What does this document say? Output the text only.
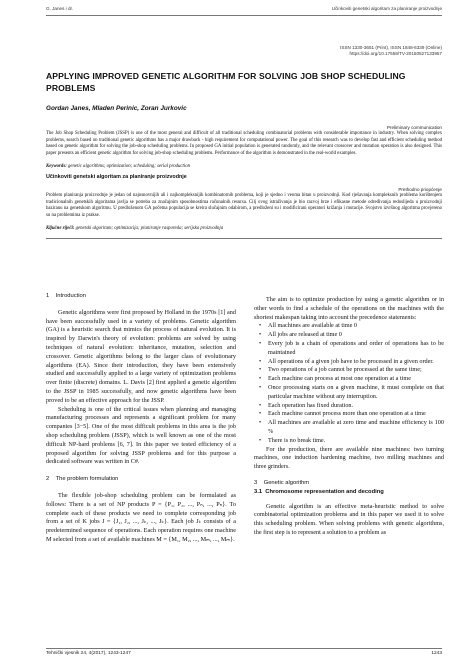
G. Janes i dr.	Učinkoviti genetski algoritam za planiranje proizvodnje
ISSN 1330-3651 (Print), ISSN 1848-6339 (Online)
https://doi.org/10.17559/TV-20150527133957
APPLYING IMPROVED GENETIC ALGORITHM FOR SOLVING JOB SHOP SCHEDULING
PROBLEMS
Gordan Janes, Mladen Perinic, Zoran Jurkovic
Preliminary communication
The Job Shop Scheduling Problem (JSSP) is one of the most general and difficult of all traditional scheduling combinatorial problems with considerable importance in industry. When solving complex problems, search based on traditional genetic algorithms has a major drawback - high requirement for computational power. The goal of this research was to develop fast and efficient scheduling method based on genetic algorithm for solving the job-shop scheduling problems. In proposed GA initial population is generated randomly, and the relevant crossover and mutation operation is also designed. This paper presents an efficient genetic algorithm for solving job-shop scheduling problems. Performance of the algorithm is demonstrated in the real-world examples.
Keywords: genetic algorithms; optimization; scheduling; serial production
Učinkoviti genetski algoritam za planiranje proizvodnje
Prethodno priopćenje
Problem planiranja proizvodnje je jedan od najosnovnijih ali i najkompleksnijih kombinatornih problema, koji je sjedno i veoma bitan u proizvodnji. Kod rješavanja kompleksnih problema korištenjem tradicionalnih genetskih algoritama javlja se potreba za značajnim sposobnostima računalnih resursa. Cilj ovog istraživanja je bio razvoj brze i efikasne metode određivanja redoslijeda u proizvodnji baziranu na genetskom algoritmu. U predloženom GA početna populacija se kreira slučajnim odabirom, a predloženi su i modificirani operatori križanja i mutacije. Svojstvo izvršnog algoritma provjereno su na problemima iz prakse.
Ključne riječi: genetski algoritam; optimizacija; planiranje rasporeda; serijska proizvodnja
1 Introduction

Genetic algorithms were first proposed by Holland in the 1970s [1] and have been successfully used in a variety of problems. Genetic algorithm (GA) is a heuristic search that mimics the process of natural evolution. It is inspired by Darwin's theory of evolution: problems are solved by using techniques of natural evolution: inheritance, mutation, selection and crossover. Genetic algorithms belong to the larger class of evolutionary algorithms (EA). Since their introduction, they have been extensively studied and successfully applied to a large variety of optimization problems over finite (discrete) domains. L. Davis [2] first applied a genetic algorithm to the JSSP in 1985 successfully, and now genetic algorithms have been proved to be an effective approach for the JSSP.

Scheduling is one of the critical issues when planning and managing manufacturing processes and represents a significant problem for many companies [3−5]. One of the most difficult problems in this area is the job shop scheduling problem (JSSP), which is well known as one of the most difficult NP-hard problems [6, 7]. In this paper we tested efficiency of a proposed algorithm for solving JSSP problems and for this purpose a dedicated software was written in C#.

2 The problem formulation

The flexible job-shop scheduling problem can be formulated as follows: There is a set of NP products P = {P₁, P₂, ..., Pₙ, ..., Pₙ}. To complete each of these products we need to complete corresponding job from a set of K jobs J = {J₁, J₂, ..., Jₖ, ..., Jₖ}. Each job Jₖ consists of a predetermined sequence of operations. Each operation requires one machine M selected from a set of available machines M = {M₁, M₂, ..., Mₘ, ..., Mₘ}.

The aim is to optimize production by using a genetic algorithm or in other words to find a schedule of the operations on the machines with the shortest makespan taking into account the precedence statements:

• All machines are available at time 0
• All jobs are released at time 0
• Every job is a chain of operations and order of operations has to be maintained
• All operations of a given job have to be processed in a given order.
• Two operations of a job cannot be processed at the same time;
• Each machine can process at most one operation at a time
• Once processing starts on a given machine, it must complete on that particular machine without any interruption.
• Each operation has fixed duration.
• Each machine cannot process more than one operation at a time
• All machines are available at zero time and machine efficiency is 100 %
• There is no break time.

For the production, there are available nine machines: two turning machines, one induction hardening machine, two milling machines and three grinders.

3 Genetic algorithm
3.1 Chromosome representation and decoding

Genetic algorithm is an effective meta-heuristic method to solve combinatorial optimization problems and in this paper we used it to solve this scheduling problem. When solving problems with genetic algorithms, the first step is to represent a solution to a problem as

Tehnički vjesnik 24, 4(2017), 1243-1247	1243
